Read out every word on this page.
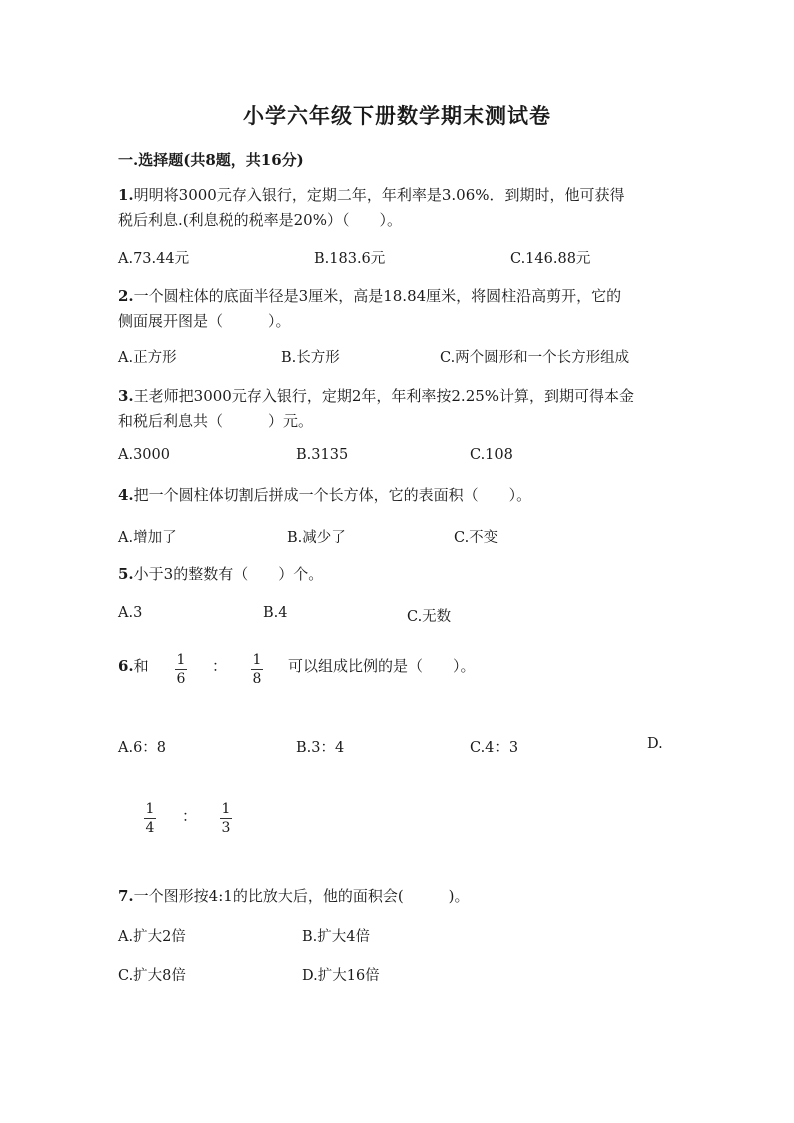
小学六年级下册数学期末测试卷
一.选择题(共8题，共16分)
1.明明将3000元存入银行，定期二年，年利率是3.06%．到期时，他可获得
税后利息.(利息税的税率是20%）（　　）。
A.73.44元	B.183.6元	C.146.88元
2.一个圆柱体的底面半径是3厘米，高是18.84厘米，将圆柱沿高剪开，它的
侧面展开图是（　　　）。
A.正方形	B.长方形	C.两个圆形和一个长方形组成
3.王老师把3000元存入银行，定期2年，年利率按2.25%计算，到期可得本金
和税后利息共（　　　）元。
A.3000	B.3135	C.108
4.把一个圆柱体切割后拼成一个长方体，它的表面积（　　）。
A.增加了	B.减少了	C.不变
5.小于3的整数有（　　）个。
A.3	B.4	C.无数
6.和 1
6
： 1
8
可以组成比例的是（　　）。
A.6：8	B.3：4	C.4：3	D.
1
4
： 1
3
7.一个图形按4:1的比放大后，他的面积会(　　　)。
A.扩大2倍	B.扩大4倍
C.扩大8倍	D.扩大16倍
